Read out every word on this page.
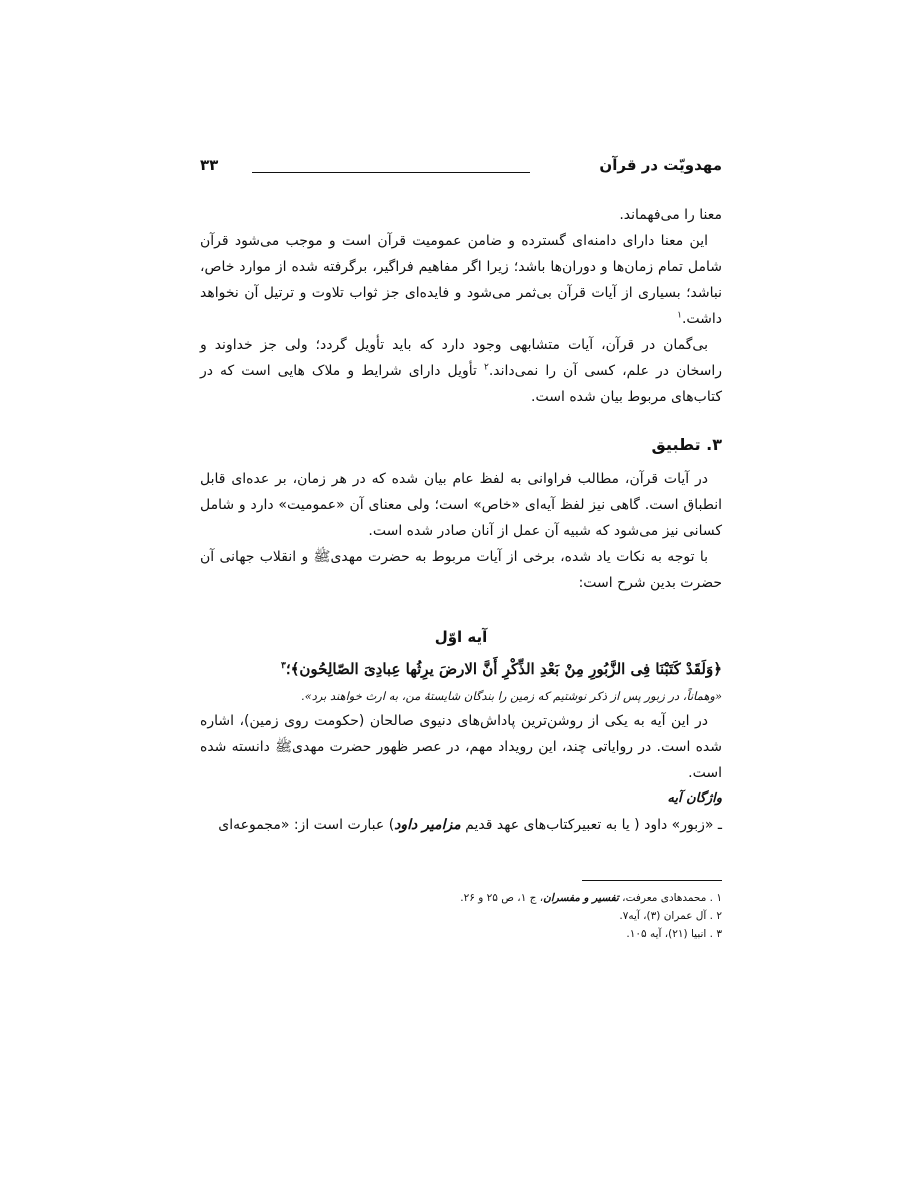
مهدویّت در قرآن
۳۳

معنا را می‌فهماند.

این معنا دارای دامنه‌ای گسترده و ضامن عمومیت قرآن است و موجب می‌شود قرآن شامل تمام زمان‌ها و دوران‌ها باشد؛ زیرا اگر مفاهیم فراگیر، برگرفته شده از موارد خاص، نباشد؛ بسیاری از آیات قرآن بی‌ثمر می‌شود و فایده‌ای جز ثواب تلاوت و ترتیل آن نخواهد داشت.$^۱$

بی‌گمان در قرآن، آیات متشابهی وجود دارد که باید تأویل گردد؛ ولی جز خداوند و راسخان در علم، کسی آن را نمی‌داند.$^۲$ تأویل دارای شرایط و ملاک هایی است که در کتاب‌های مربوط بیان شده است.

۳. تطبیق

در آیات قرآن، مطالب فراوانی به لفظ عام بیان شده که در هر زمان، بر عده‌ای قابل انطباق است. گاهی نیز لفظ آیه‌ای «خاص» است؛ ولی معنای آن «عمومیت» دارد و شامل کسانی نیز می‌شود که شبیه آن عمل از آنان صادر شده است.

با توجه به نکات یاد شده، برخی از آیات مربوط به حضرت مهدی‌ﷺ و انقلاب جهانی آن حضرت بدین شرح است:

آیه اوّل

﴿وَلَقَدْ کَتَبْنَا فِی الزَّبُورِ مِنْ بَعْدِ الذِّکْرِ أَنَّ الارضَ یرِثُها عِبادِیَ الصّالِحُون﴾؛$^۳$

«وهماناً، در زبور پس از ذکر نوشتیم که زمین را بندگان شایستهٔ من، به ارث خواهند برد».

در این آیه به یکی از روشن‌ترین پاداش‌های دنیوی صالحان (حکومت روی زمین)، اشاره شده است. در روایاتی چند، این رویداد مهم، در عصر ظهور حضرت مهدی‌ﷺ دانسته شده است.

واژگان آیه

ـ «زبور» داود ( یا به تعبیرکتاب‌های عهد قدیم مزامیر داود) عبارت است از: «مجموعه‌ای

۱ . محمدهادی معرفت، تفسیر و مفسران، ج ۱، ص ۲۵ و ۲۶.

۲ . آل عمران (۳)، آیه۷.

۳ . انبیا (۲۱)، آیه ۱۰۵.
